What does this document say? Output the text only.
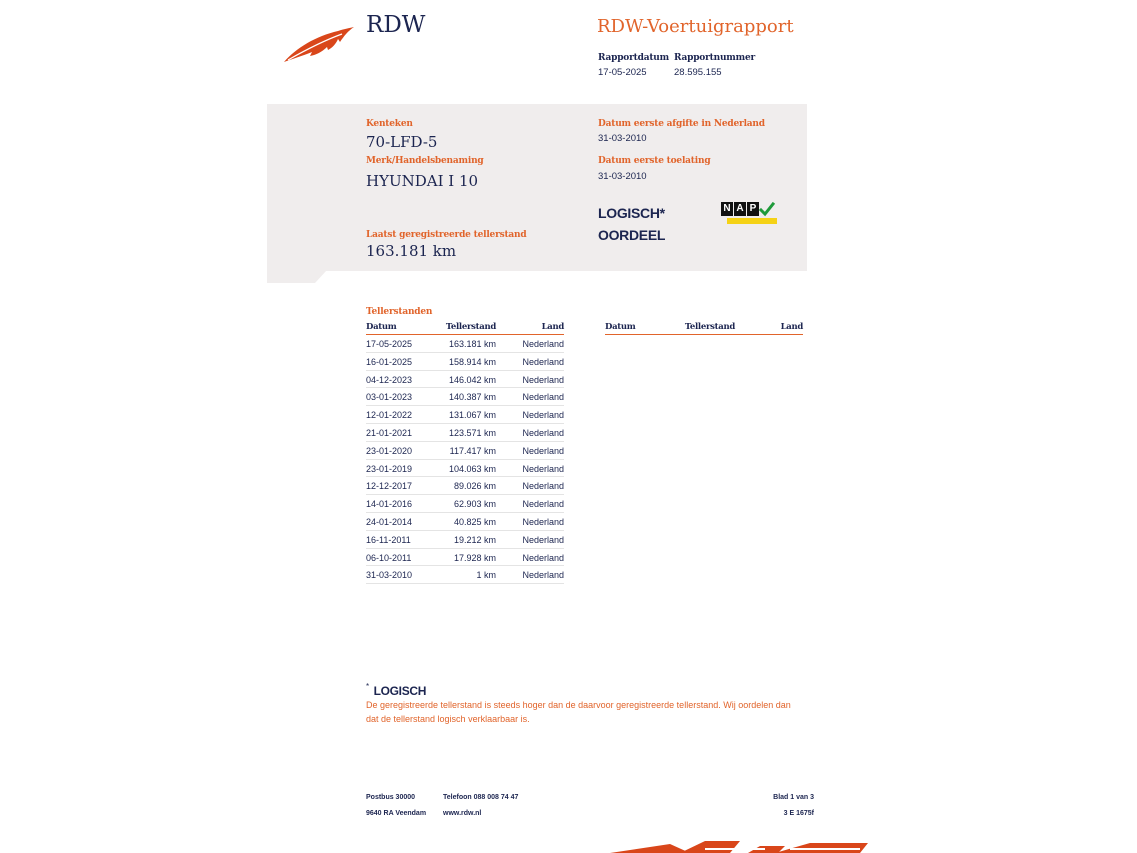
RDW	RDW-Voertuigrapport
Rapportdatum
17-05-2025
Rapportnummer
28.595.155
Kenteken
70-LFD-5
Merk/Handelsbenaming
HYUNDAI I 10
Laatst geregistreerde tellerstand
163.181 km
Datum eerste afgifte in Nederland
31-03-2010
Datum eerste toelating
31-03-2010
LOGISCH*
OORDEEL
N A P
Tellerstanden
Datum	Tellerstand	Land
17-05-2025	163.181 km	Nederland
16-01-2025	158.914 km	Nederland
04-12-2023	146.042 km	Nederland
03-01-2023	140.387 km	Nederland
12-01-2022	131.067 km	Nederland
21-01-2021	123.571 km	Nederland
23-01-2020	117.417 km	Nederland
23-01-2019	104.063 km	Nederland
12-12-2017	89.026 km	Nederland
14-01-2016	62.903 km	Nederland
24-01-2014	40.825 km	Nederland
16-11-2011	19.212 km	Nederland
06-10-2011	17.928 km	Nederland
31-03-2010	1 km	Nederland
Datum	Tellerstand	Land
* LOGISCH
De geregistreerde tellerstand is steeds hoger dan de daarvoor geregistreerde tellerstand. Wij oordelen dan
dat de tellerstand logisch verklaarbaar is.
Postbus 30000
9640 RA Veendam
Telefoon 088 008 74 47
www.rdw.nl
Blad 1 van 3
3 E 1675f
